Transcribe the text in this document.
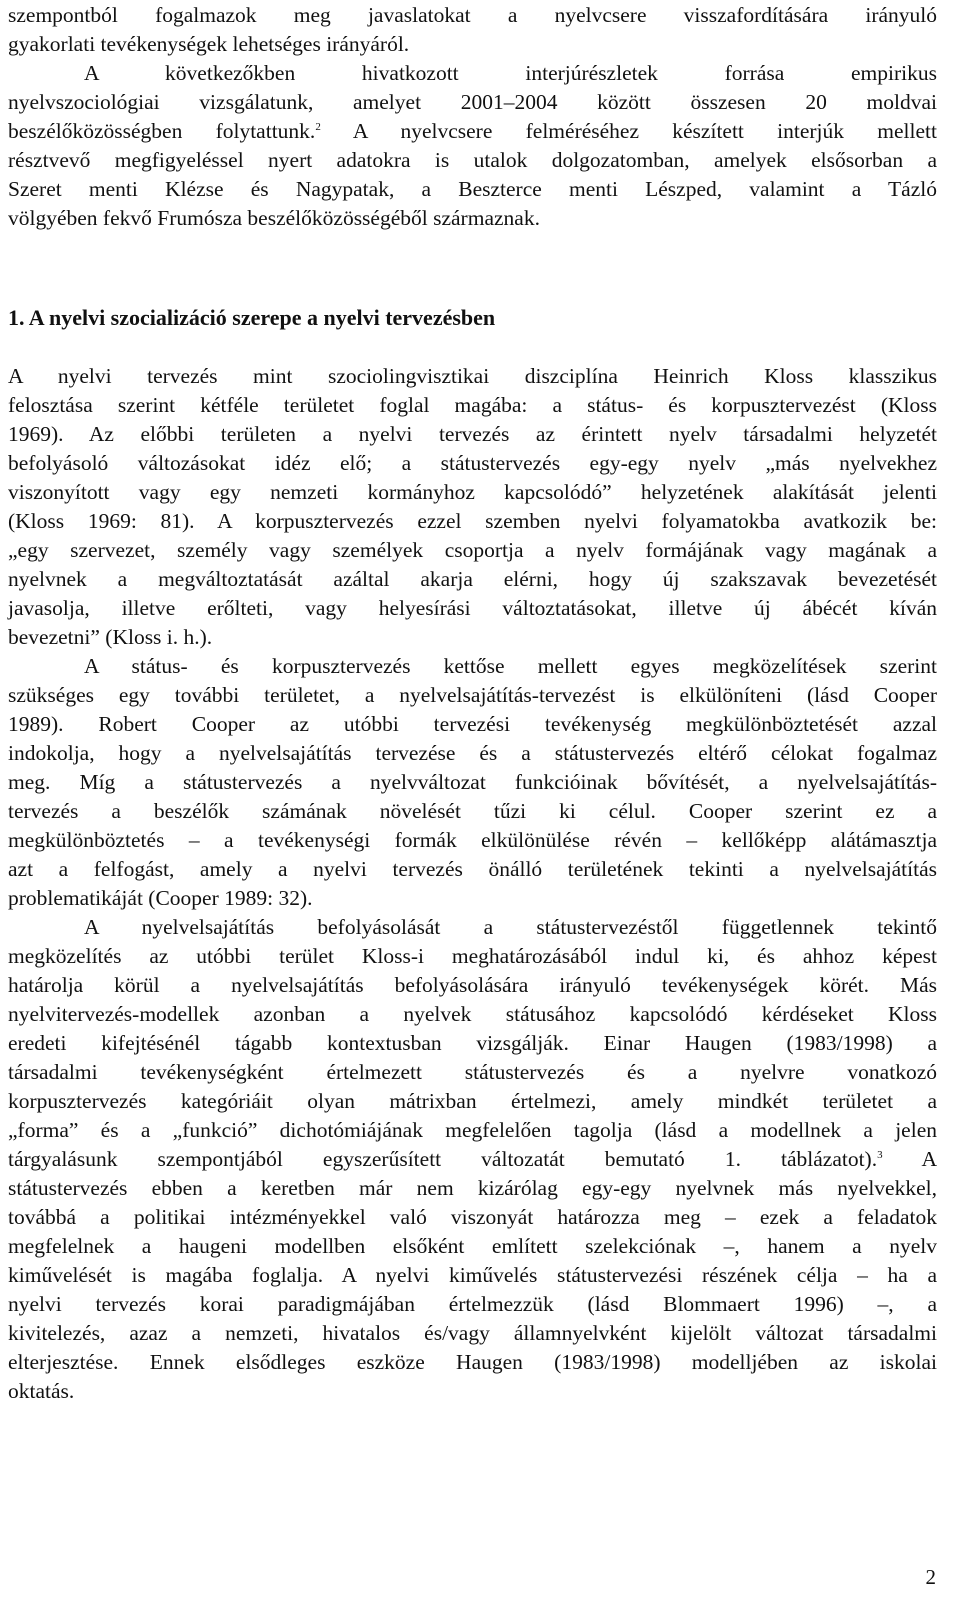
szempontból fogalmazok meg javaslatokat a nyelvcsere visszafordítására irányuló
gyakorlati tevékenységek lehetséges irányáról.
A következőkben hivatkozott interjúrészletek forrása empirikus
nyelvszociológiai vizsgálatunk, amelyet 2001–2004 között összesen 20 moldvai
beszélőközösségben folytattunk.$^2$ A nyelvcsere felméréséhez készített interjúk mellett
résztvevő megfigyeléssel nyert adatokra is utalok dolgozatomban, amelyek elsősorban a
Szeret menti Klézse és Nagypatak, a Beszterce menti Lészped, valamint a Tázló
völgyében fekvő Frumósza beszélőközösségéből származnak.
1. A nyelvi szocializáció szerepe a nyelvi tervezésben
A nyelvi tervezés mint szociolingvisztikai diszciplína Heinrich Kloss klasszikus
felosztása szerint kétféle területet foglal magába: a státus- és korpusztervezést (Kloss
1969). Az előbbi területen a nyelvi tervezés az érintett nyelv társadalmi helyzetét
befolyásoló változásokat idéz elő; a státustervezés egy-egy nyelv „más nyelvekhez
viszonyított vagy egy nemzeti kormányhoz kapcsolódó” helyzetének alakítását jelenti
(Kloss 1969: 81). A korpusztervezés ezzel szemben nyelvi folyamatokba avatkozik be:
„egy szervezet, személy vagy személyek csoportja a nyelv formájának vagy magának a
nyelvnek a megváltoztatását azáltal akarja elérni, hogy új szakszavak bevezetését
javasolja, illetve erőlteti, vagy helyesírási változtatásokat, illetve új ábécét kíván
bevezetni” (Kloss i. h.).
A státus- és korpusztervezés kettőse mellett egyes megközelítések szerint
szükséges egy további területet, a nyelvelsajátítás-tervezést is elkülöníteni (lásd Cooper
1989). Robert Cooper az utóbbi tervezési tevékenység megkülönböztetését azzal
indokolja, hogy a nyelvelsajátítás tervezése és a státustervezés eltérő célokat fogalmaz
meg. Míg a státustervezés a nyelvváltozat funkcióinak bővítését, a nyelvelsajátítás-
tervezés a beszélők számának növelését tűzi ki célul. Cooper szerint ez a
megkülönböztetés – a tevékenységi formák elkülönülése révén – kellőképp alátámasztja
azt a felfogást, amely a nyelvi tervezés önálló területének tekinti a nyelvelsajátítás
problematikáját (Cooper 1989: 32).
A nyelvelsajátítás befolyásolását a státustervezéstől függetlennek tekintő
megközelítés az utóbbi terület Kloss-i meghatározásából indul ki, és ahhoz képest
határolja körül a nyelvelsajátítás befolyásolására irányuló tevékenységek körét. Más
nyelvitervezés-modellek azonban a nyelvek státusához kapcsolódó kérdéseket Kloss
eredeti kifejtésénél tágabb kontextusban vizsgálják. Einar Haugen (1983/1998) a
társadalmi tevékenységként értelmezett státustervezés és a nyelvre vonatkozó
korpusztervezés kategóriáit olyan mátrixban értelmezi, amely mindkét területet a
„forma” és a „funkció” dichotómiájának megfelelően tagolja (lásd a modellnek a jelen
tárgyalásunk szempontjából egyszerűsített változatát bemutató 1. táblázatot).$^3$ A
státustervezés ebben a keretben már nem kizárólag egy-egy nyelvnek más nyelvekkel,
továbbá a politikai intézményekkel való viszonyát határozza meg – ezek a feladatok
megfelelnek a haugeni modellben elsőként említett szelekciónak –, hanem a nyelv
kiművelését is magába foglalja. A nyelvi kiművelés státustervezési részének célja – ha a
nyelvi tervezés korai paradigmájában értelmezzük (lásd Blommaert 1996) –, a
kivitelezés, azaz a nemzeti, hivatalos és/vagy államnyelvként kijelölt változat társadalmi
elterjesztése. Ennek elsődleges eszköze Haugen (1983/1998) modelljében az iskolai
oktatás.
2
